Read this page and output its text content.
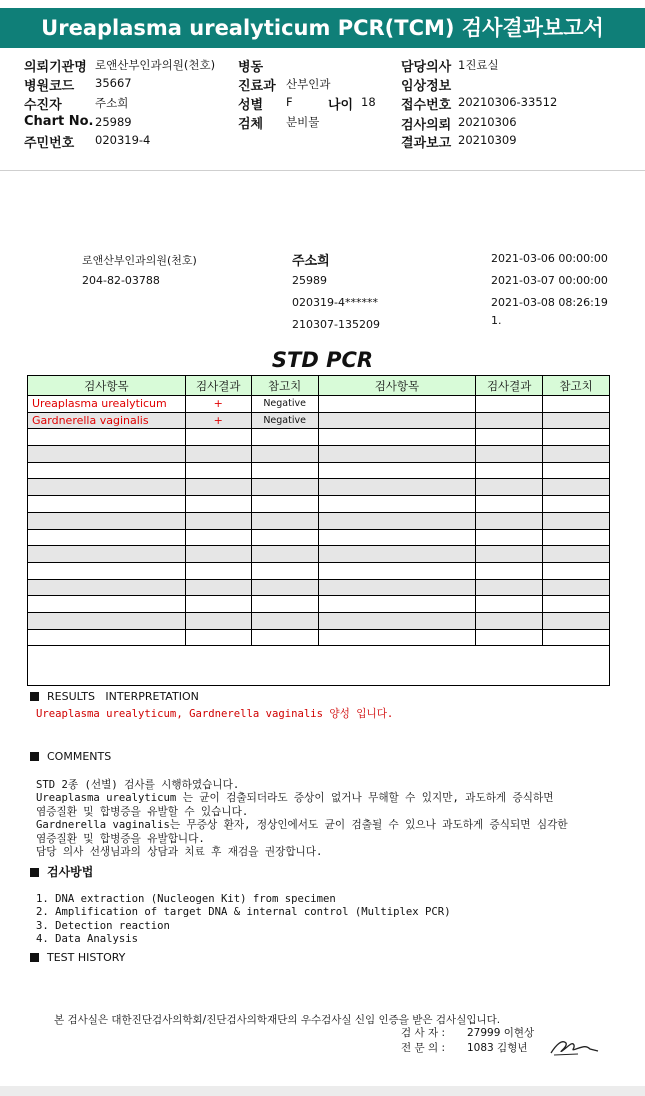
Ureaplasma urealyticum PCR(TCM) 검사결과보고서
의뢰기관명 로앤산부인과의원(천호)
병원코드 35667
수진자	주소희
Chart No. 25989
주민번호 020319-4
병동
진료과 산부인과
성별 F
검체 분비물
나이 18
담당의사 1진료실
임상정보
접수번호 20210306-33512
검사의뢰 20210306
결과보고 20210309
로앤산부인과의원(천호)
204-82-03788
주소희
25989
020319-4******
210307-135209
2021-03-06 00:00:00
2021-03-07 00:00:00
2021-03-08 08:26:19
1.
STD PCR
검사항목	검사결과	참고치	검사항목	검사결과	참고치
Ureaplasma urealyticum	+	Negative			
Gardnerella vaginalis	+	Negative			

RESULTS   INTERPRETATION
Ureaplasma urealyticum, Gardnerella vaginalis 양성 입니다.
COMMENTS

STD 2종 (선별) 검사를 시행하였습니다.
Ureaplasma urealyticum 는 균이 검출되더라도 증상이 없거나 무해할 수 있지만, 과도하게 증식하면
염증질환 및 합병증을 유발할 수 있습니다.
Gardnerella vaginalis는 무증상 환자, 정상인에서도 균이 검출될 수 있으나 과도하게 증식되면 심각한
염증질환 및 합병증을 유발합니다.
담당 의사 선생님과의 상담과 치료 후 재검을 권장합니다.
검사방법

1. DNA extraction (Nucleogen Kit) from specimen
2. Amplification of target DNA & internal control (Multiplex PCR)
3. Detection reaction
4. Data Analysis
TEST HISTORY
본 검사실은 대한진단검사의학회/진단검사의학재단의 우수검사실 신임 인증을 받은 검사실입니다.
검 사 자 : 27999 이현상
전 문 의 : 1083 김형년
